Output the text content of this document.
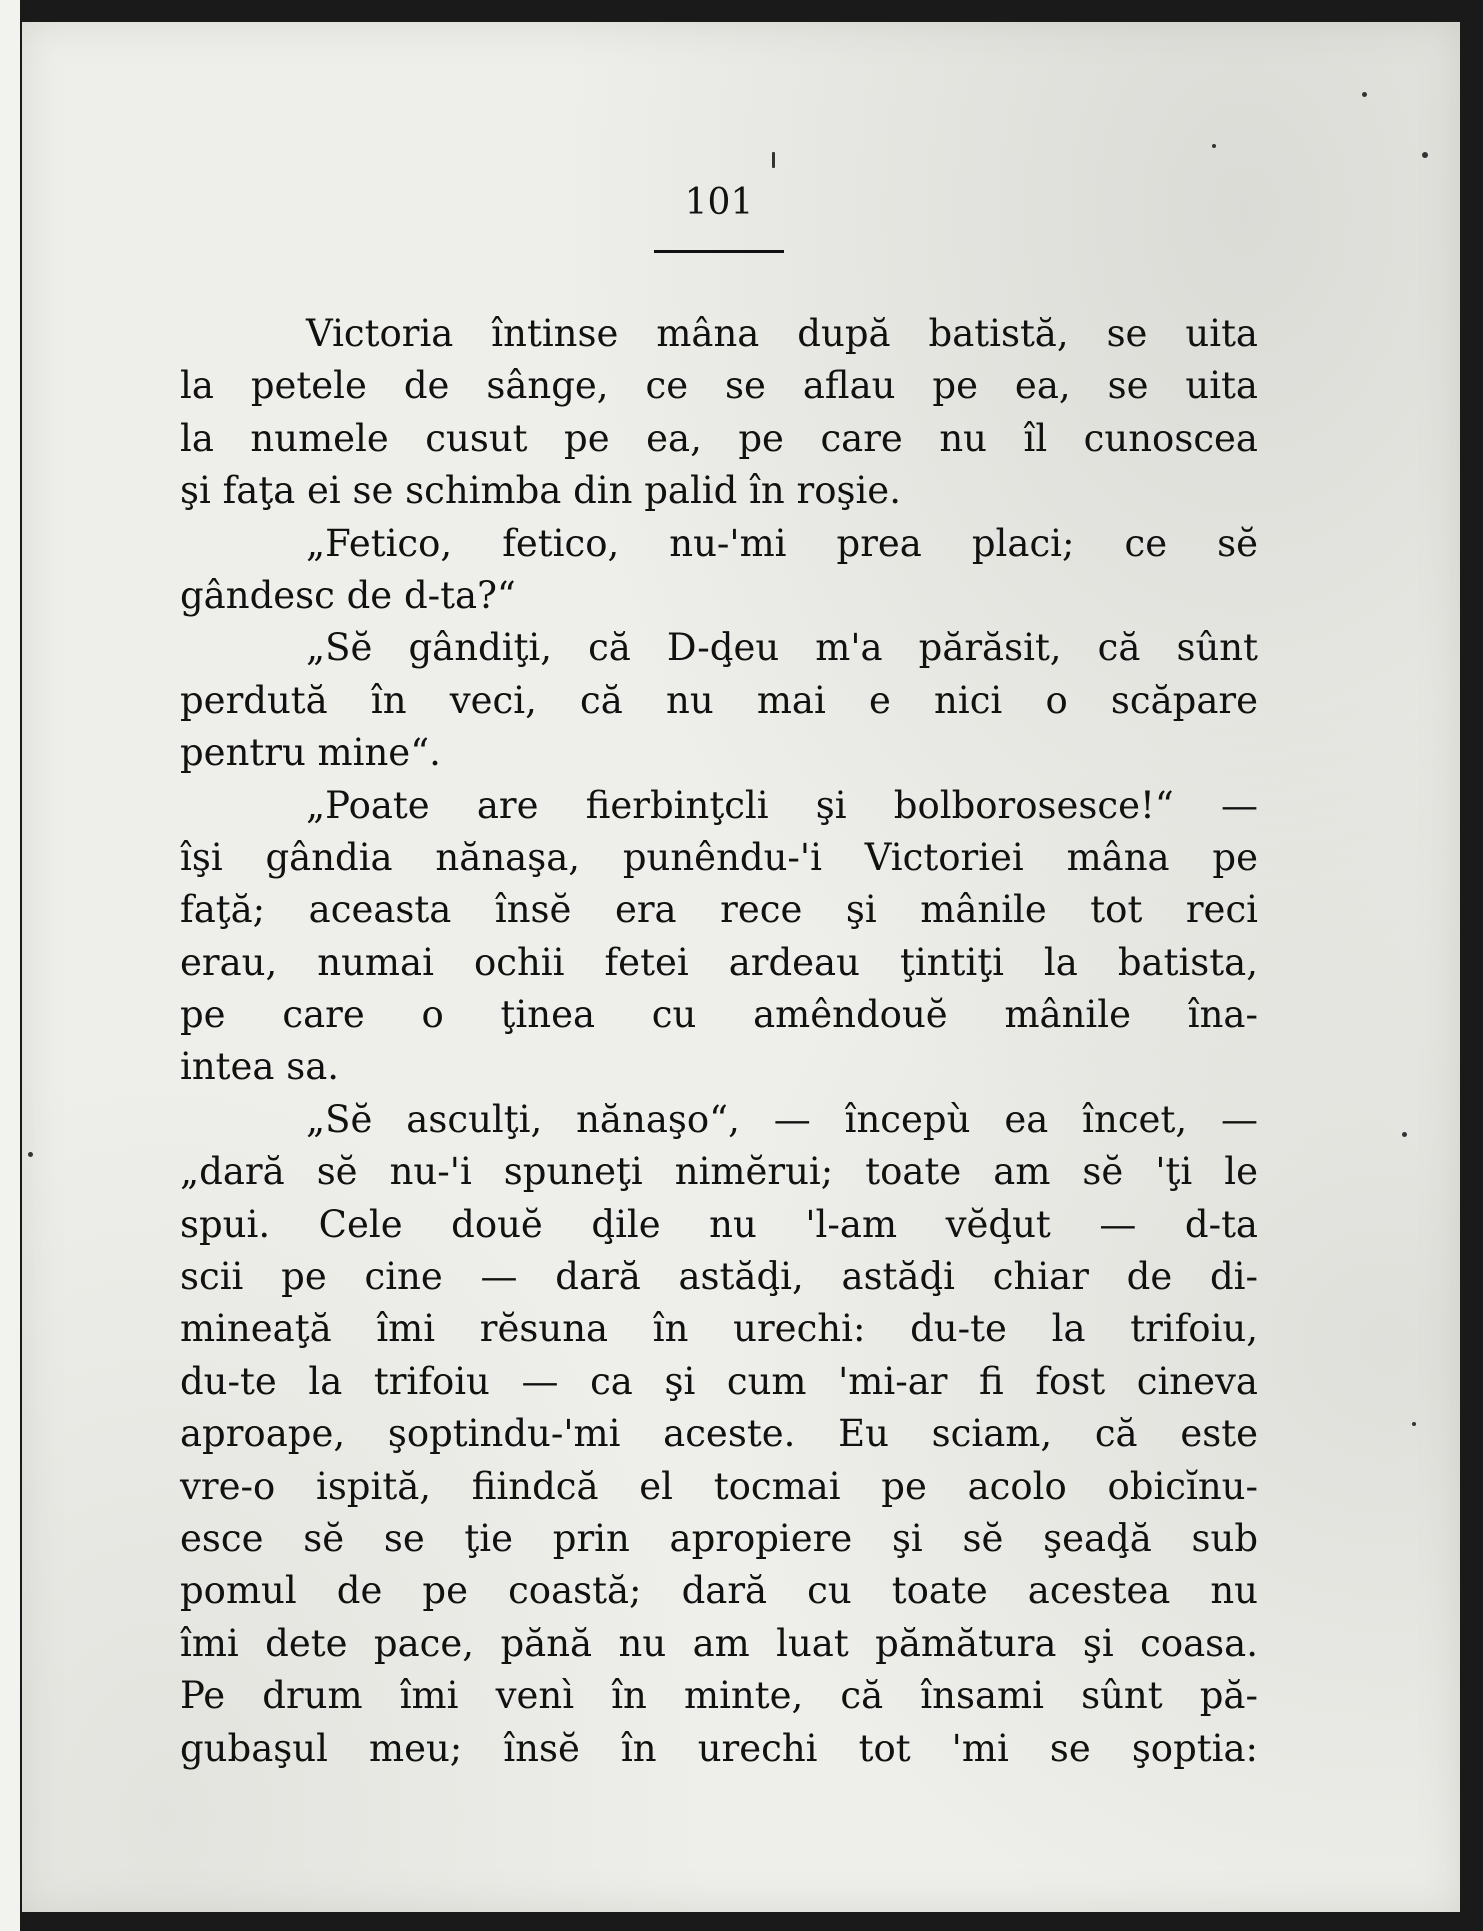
101
Victoria întinse mâna după batistă, se uita
la petele de sânge, ce se aflau pe ea, se uita
la numele cusut pe ea, pe care nu îl cunoscea
şi faţa ei se schimba din palid în roşie.
„Fetico, fetico, nu-'mi prea placi; ce sĕ
gândesc de d-ta?“
„Sĕ gândiţi, că D-ḑeu m'a părăsit, că sûnt
perdută în veci, că nu mai e nici o scăpare
pentru mine“.
„Poate are fierbinţcli şi bolborosesce!“ —
îşi gândia nănaşa, punêndu-'i Victoriei mâna pe
faţă; aceasta însĕ era rece şi mânile tot reci
erau, numai ochii fetei ardeau ţintiţi la batista,
pe care o ţinea cu amêndouĕ mânile îna-
intea sa.
„Sĕ asculţi, nănaşo“, — începù ea încet, —
„dară sĕ nu-'i spuneţi nimĕrui; toate am sĕ 'ţi le
spui. Cele douĕ ḑile nu 'l-am vĕḑut — d-ta
scii pe cine — dară astăḑi, astăḑi chiar de di-
mineaţă îmi rĕsuna în urechi: du-te la trifoiu,
du-te la trifoiu — ca şi cum 'mi-ar fi fost cineva
aproape, şoptindu-'mi aceste. Eu sciam, că este
vre-o ispită, fiindcă el tocmai pe acolo obicĭnu-
esce sĕ se ţie prin apropiere şi sĕ şeaḑă sub
pomul de pe coastă; dară cu toate acestea nu
îmi dete pace, pănă nu am luat pămătura şi coasa.
Pe drum îmi venì în minte, că însami sûnt pă-
gubaşul meu; însĕ în urechi tot 'mi se şoptia:
